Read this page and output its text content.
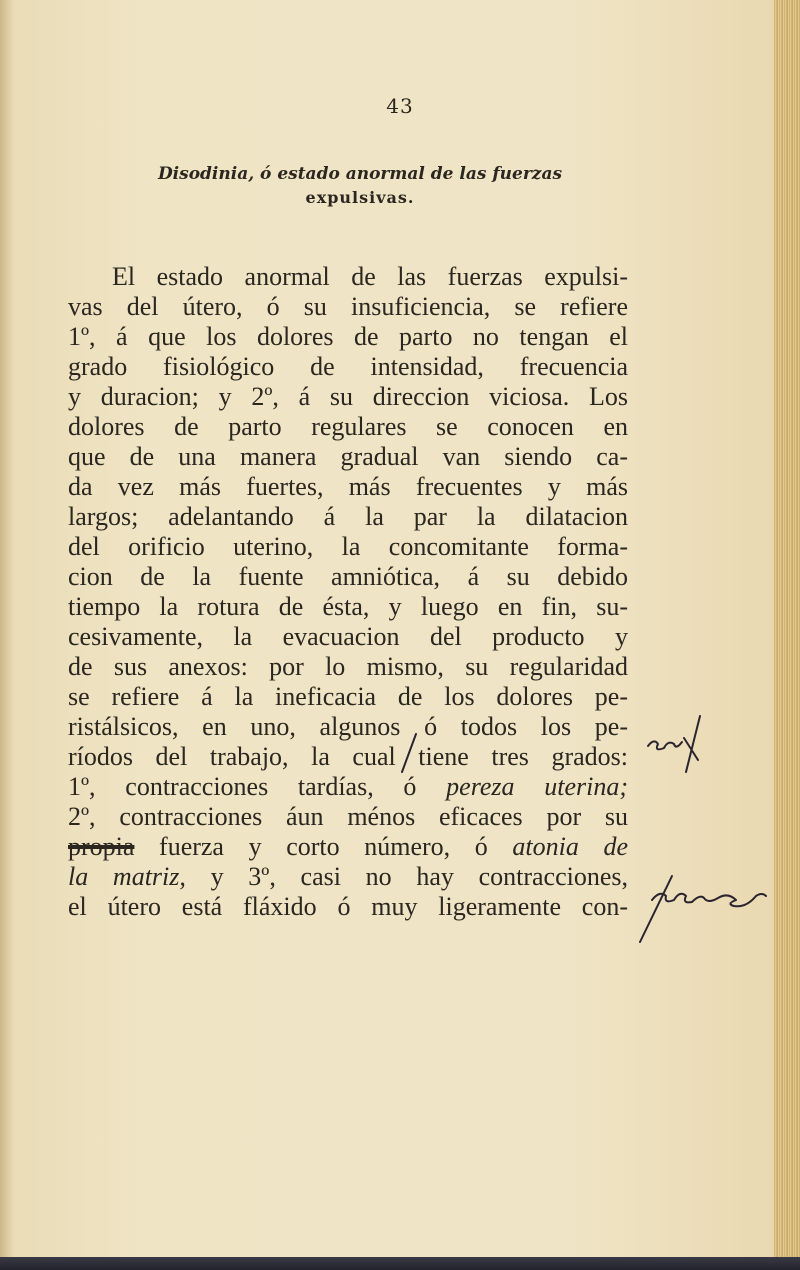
43
Disodinia, ó estado anormal de las fuerzas
expulsivas.
El estado anormal de las fuerzas expulsi-
vas del útero, ó su insuficiencia, se refiere
1º, á que los dolores de parto no tengan el
grado fisiológico de intensidad, frecuencia
y duracion; y 2º, á su direccion viciosa. Los
dolores de parto regulares se conocen en
que de una manera gradual van siendo ca-
da vez más fuertes, más frecuentes y más
largos; adelantando á la par la dilatacion
del orificio uterino, la concomitante forma-
cion de la fuente amniótica, á su debido
tiempo la rotura de ésta, y luego en fin, su-
cesivamente, la evacuacion del producto y
de sus anexos: por lo mismo, su regularidad
se refiere á la ineficacia de los dolores pe-
ristálsicos, en uno, algunos ó todos los pe-
ríodos del trabajo, la cual tiene tres grados:
1º, contracciones tardías, ó pereza uterina;
2º, contracciones áun ménos eficaces por su
propia fuerza y corto número, ó atonia de
la matriz, y 3º, casi no hay contracciones,
el útero está fláxido ó muy ligeramente con-
